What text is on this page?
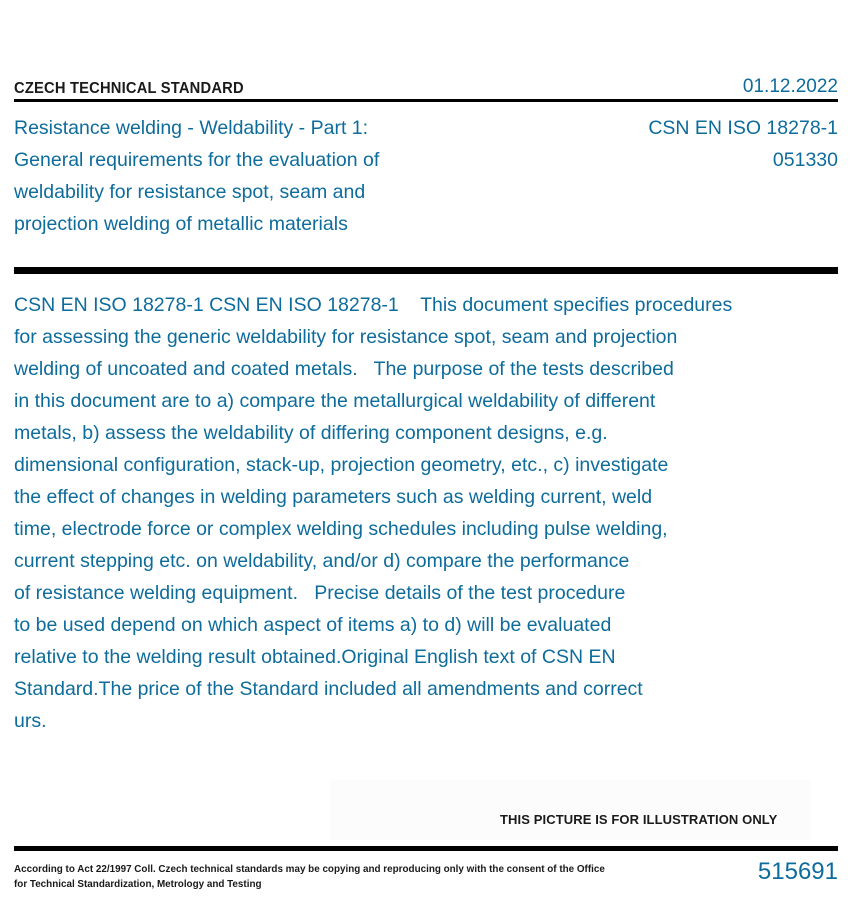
CZECH TECHNICAL STANDARD	01.12.2022
Resistance welding - Weldability - Part 1:
General requirements for the evaluation of
weldability for resistance spot, seam and
projection welding of metallic materials
CSN EN ISO 18278-1
051330
CSN EN ISO 18278-1 CSN EN ISO 18278-1    This document specifies procedures
for assessing the generic weldability for resistance spot, seam and projection
welding of uncoated and coated metals.   The purpose of the tests described
in this document are to a) compare the metallurgical weldability of different
metals, b) assess the weldability of differing component designs, e.g.
dimensional configuration, stack-up, projection geometry, etc., c) investigate
the effect of changes in welding parameters such as welding current, weld
time, electrode force or complex welding schedules including pulse welding,
current stepping etc. on weldability, and/or d) compare the performance
of resistance welding equipment.   Precise details of the test procedure
to be used depend on which aspect of items a) to d) will be evaluated
relative to the welding result obtained.Original English text of CSN EN
Standard.The price of the Standard included all amendments and correct
urs.
THIS PICTURE IS FOR ILLUSTRATION ONLY
According to Act 22/1997 Coll. Czech technical standards may be copying and reproducing only with the consent of the Office
for Technical Standardization, Metrology and Testing	515691
